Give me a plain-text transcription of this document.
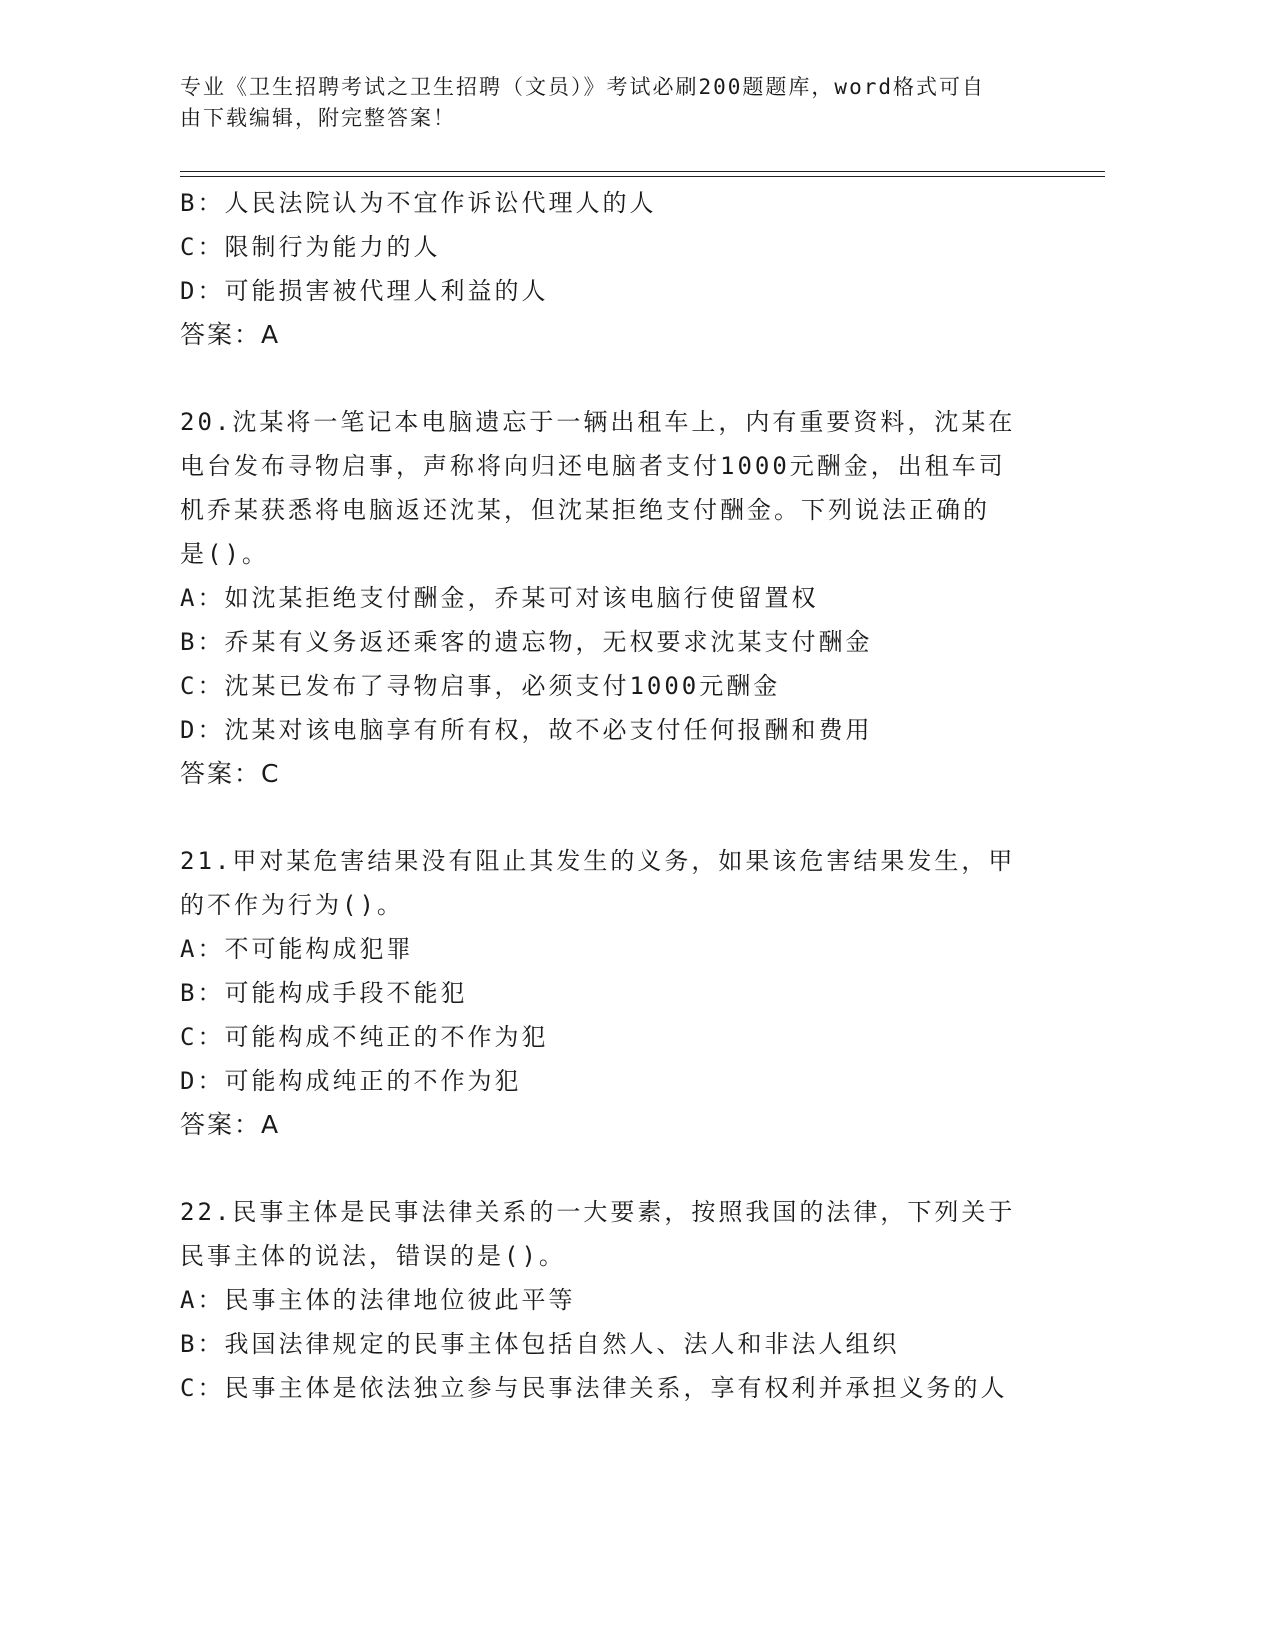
专业《卫生招聘考试之卫生招聘（文员）》考试必刷200题题库，word格式可自
由下载编辑，附完整答案！
B：人民法院认为不宜作诉讼代理人的人
C：限制行为能力的人
D：可能损害被代理人利益的人
答案：A
20.沈某将一笔记本电脑遗忘于一辆出租车上，内有重要资料，沈某在
电台发布寻物启事，声称将向归还电脑者支付1000元酬金，出租车司
机乔某获悉将电脑返还沈某，但沈某拒绝支付酬金。下列说法正确的
是()。
A：如沈某拒绝支付酬金，乔某可对该电脑行使留置权
B：乔某有义务返还乘客的遗忘物，无权要求沈某支付酬金
C：沈某已发布了寻物启事，必须支付1000元酬金
D：沈某对该电脑享有所有权，故不必支付任何报酬和费用
答案：C
21.甲对某危害结果没有阻止其发生的义务，如果该危害结果发生，甲
的不作为行为()。
A：不可能构成犯罪
B：可能构成手段不能犯
C：可能构成不纯正的不作为犯
D：可能构成纯正的不作为犯
答案：A
22.民事主体是民事法律关系的一大要素，按照我国的法律，下列关于
民事主体的说法，错误的是()。
A：民事主体的法律地位彼此平等
B：我国法律规定的民事主体包括自然人、法人和非法人组织
C：民事主体是依法独立参与民事法律关系，享有权利并承担义务的人
